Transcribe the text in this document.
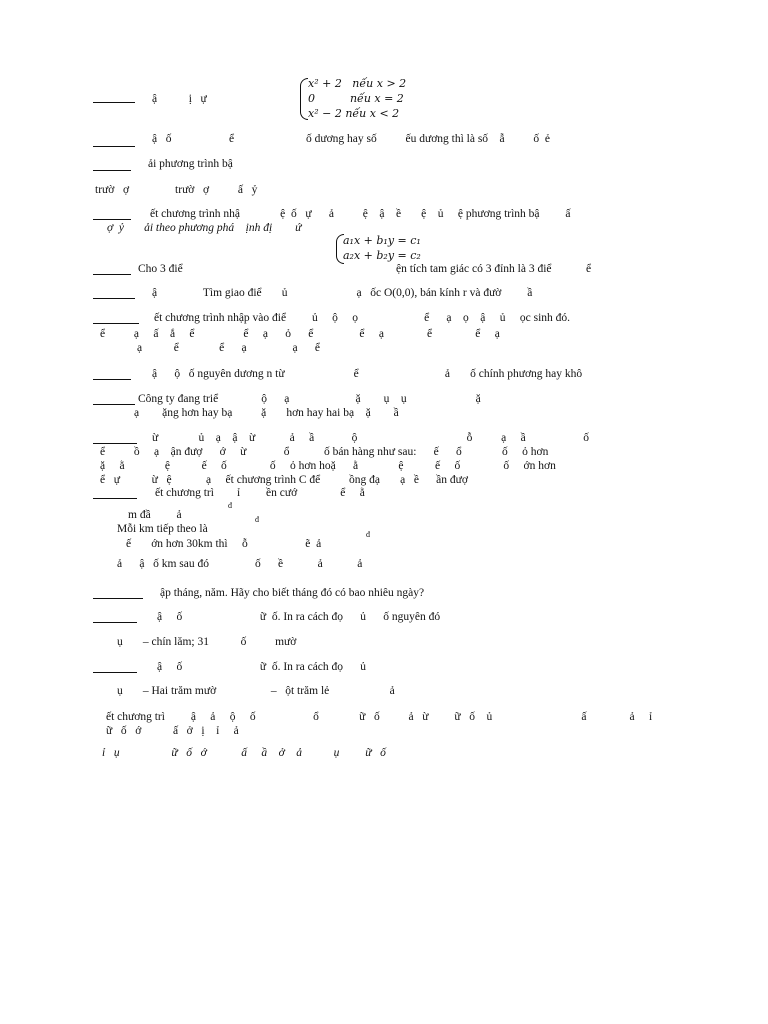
ậ           ị   ự
x² + 2   nếu x > 2
0          nếu x = 2
x² − 2 nếu x < 2
ậ   ố                    ể                         ố dương hay số          ếu dương thì là số    ẫ          ố  ẻ
ải phương trình bậ
trườ   ợ                trườ   ợ          ấ   ỷ
ết chương trình nhậ              ệ  ố   ự      ả          ệ    ậ    ề       ệ    ủ     ệ phương trình bậ         ấ
ợ  ỷ       ải theo phương phá    ịnh đị        ứ
a₁x + b₁y = c₁
a₂x + b₂y = c₂
Cho 3 điể	ện tích tam giác có 3 đỉnh là 3 điể            ể
ậ                Tìm giao điể       ủ                        ạ   ốc O(0,0), bán kính r và đườ         ầ
ết chương trình nhập vào điể         ủ     ộ     ọ                       ể      ạ    ọ    ậ     ủ     ọc sinh đó.
ể          ạ     ấ    ắ     ể                 ể     ạ      ỏ      ể                ể     ạ               ể               ể     ạ
ạ           ể              ể      ạ                ạ      ể
ậ      ộ   ố nguyên dương n từ                        ể                              ả       ố chính phương hay khô
Công ty đang triể               ộ      ạ                       ặ        ụ    ụ                        ặ
ạ        ặng hơn hay bạ          ặ       hơn hay hai bạ    ặ        ầ
ừ              ủ    ạ    ậ    ừ            ả     ầ             ộ                                      ỗ          ạ     ầ                    ố
ể          ồ     ạ    ận đượ      ớ     ừ             ổ            ố bán hàng như sau:      ế      ổ              ố     ỏ hơn
ặ     ằ              ệ           ế     ố               ố     ỏ hơn hoặ      ằ              ệ           ế     ố               ố     ớn hơn
ể   ự           ừ   ệ            ạ     ết chương trình C để          ồng đạ       ạ   ề      ần đượ
ết chương trì        ỉ         ền cướ               ể     ằ
m đầ         ả
đ
Mỗi km tiếp theo là
đ
ế       ớn hơn 30km thì     ỗ                    ẽ  ả
đ
ả      ậ   ố km sau đó                ố      ề            ả            ả
ập tháng, năm. Hãy cho biết tháng đó có bao nhiêu ngày?
ậ     ố                           ữ  ố. In ra cách đọ      ủ      ố nguyên đó
ụ       – chín lăm; 31           ố          mườ
ậ     ố                           ữ  ố. In ra cách đọ      ủ
ụ       – Hai trăm mườ                   –   ột trăm lẻ                     ả
ết chương trì         ậ     ả     ộ     ố                    ổ              ữ   ố          ả   ừ         ữ   ố    ủ                               ấ               ả     ỉ
ữ   ố   ớ           ấ   ở   ị    ỉ     ả
ỉ   ụ                  ữ   ố   ớ            ấ     ầ    ở    ả           ụ         ữ   ố
